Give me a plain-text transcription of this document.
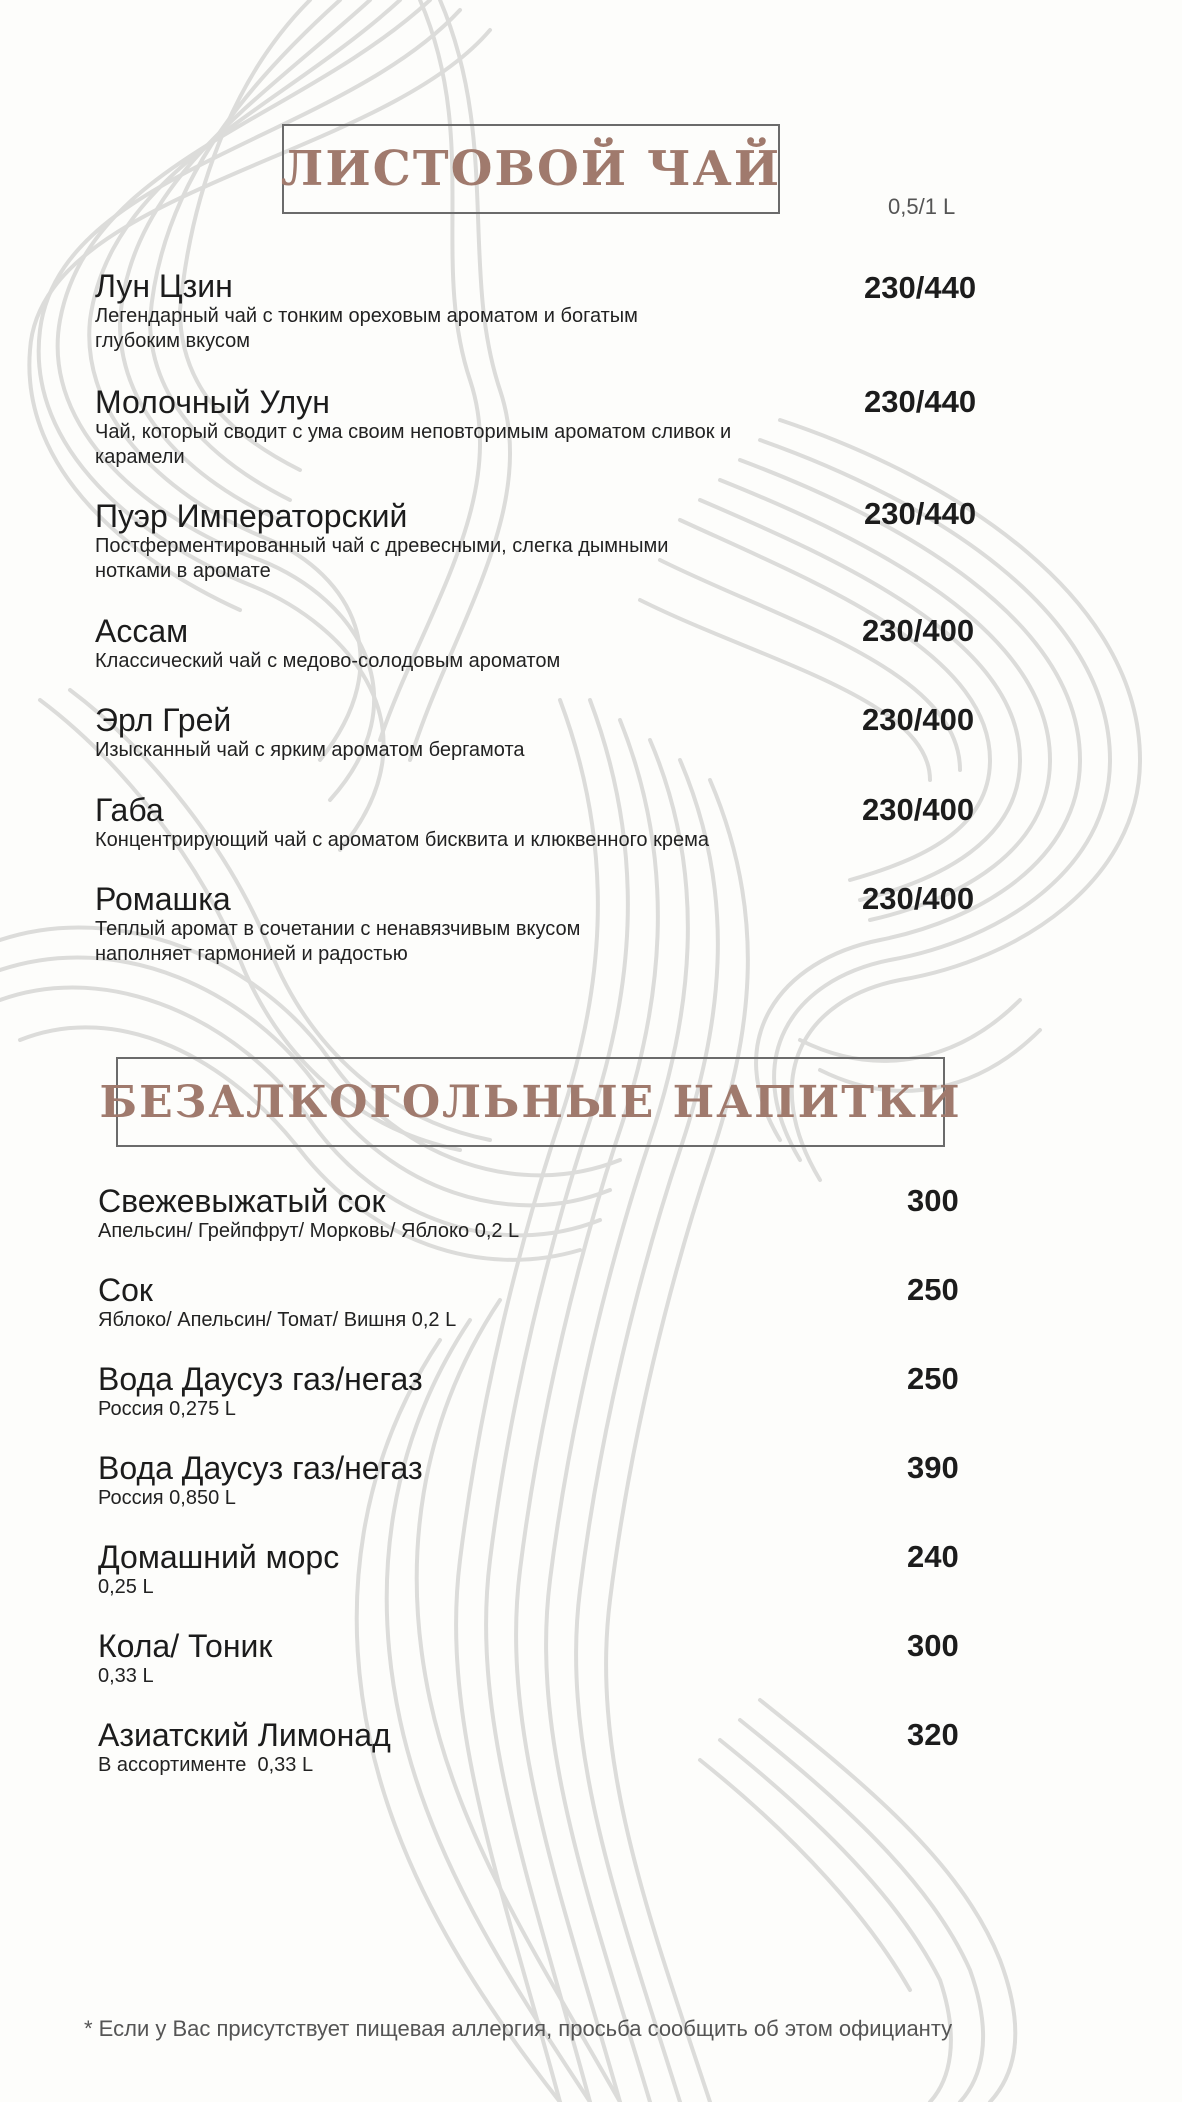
ЛИСТОВОЙ ЧАЙ
0,5/1 L
Лун Цзин
Легендарный чай с тонким ореховым ароматом и богатым глубоким вкусом
230/440
Молочный Улун
Чай, который сводит с ума своим неповторимым ароматом сливок и карамели
230/440
Пуэр Императорский
Постферментированный чай с древесными, слегка дымными нотками в аромате
230/440
Ассам
Классический чай с медово-солодовым ароматом
230/400
Эрл Грей
Изысканный чай с ярким ароматом бергамота
230/400
Габа
Концентрирующий чай с ароматом бисквита и клюквенного крема
230/400
Ромашка
Теплый аромат в сочетании с ненавязчивым вкусом наполняет гармонией и радостью
230/400
БЕЗАЛКОГОЛЬНЫЕ НАПИТКИ
Свежевыжатый сок
Апельсин/ Грейпфрут/ Морковь/ Яблоко 0,2 L
300
Сок
Яблоко/ Апельсин/ Томат/ Вишня 0,2 L
250
Вода Даусуз газ/негаз
Россия 0,275 L
250
Вода Даусуз газ/негаз
Россия 0,850 L
390
Домашний морс
0,25 L
240
Кола/ Тоник
0,33 L
300
Азиатский Лимонад
В ассортименте  0,33 L
320
* Если у Вас присутствует пищевая аллергия, просьба сообщить об этом официанту
